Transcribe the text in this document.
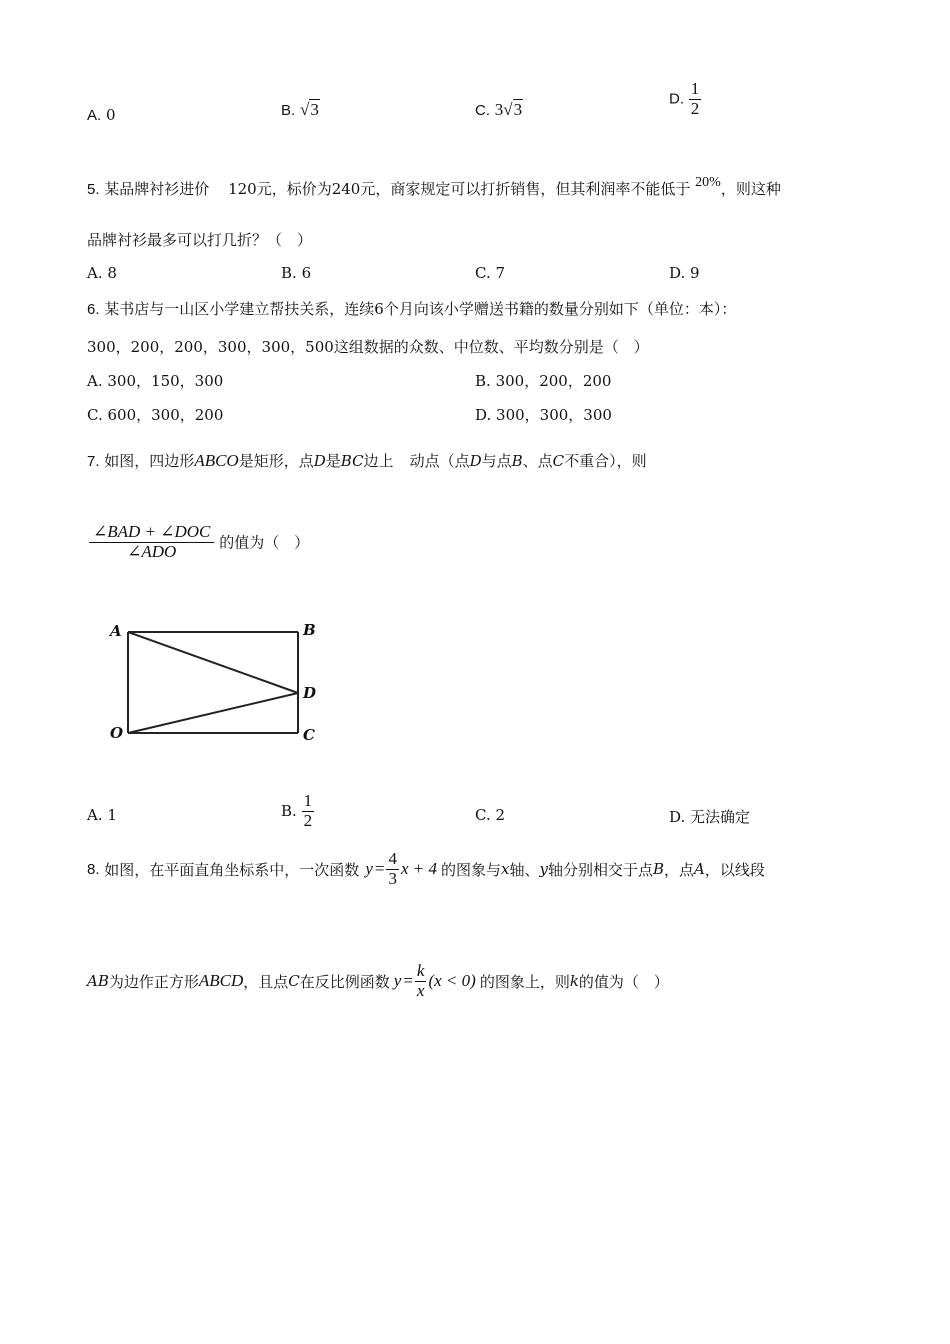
A. 0	B. √3	C. 3√3
D. $\frac{1}{2}$
5. 某品牌衬衫进价 120元，标价为240元，商家规定可以打折销售，但其利润率不能低于 20%，则这种
品牌衬衫最多可以打几折？（　）
A. 8	B. 6	C. 7	D. 9
6. 某书店与一山区小学建立帮扶关系，连续6个月向该小学赠送书籍的数量分别如下（单位：本）：
300，200，200，300，300，500这组数据的众数、中位数、平均数分别是（　）
A. 300，150，300	B. 300，200，200
C. 600，300，200	D. 300，300，300
7. 如图，四边形ABCO是矩形，点D是BC边上 动点（点D与点B、点C不重合），则
$\frac{\text{∠BAD + ∠DOC}}{\text{∠ADO}}$ 的值为（　）
A	B
D
C
O
A. 1	B. $\frac{1}{2}$	C. 2	D. 无法确定
8.
如图，在平面直角坐标系中，一次函数 $y = \frac{4}{3}$ x + 4 的图象与 x 轴、 y 轴分别相交于点 B ，点 A ，以线段
AB 为边作正方形 ABCD ，且点 C 在反比例函数 $y = \frac{k}{x} (x < 0)$ 的图象上，则 k 的值为（　）
